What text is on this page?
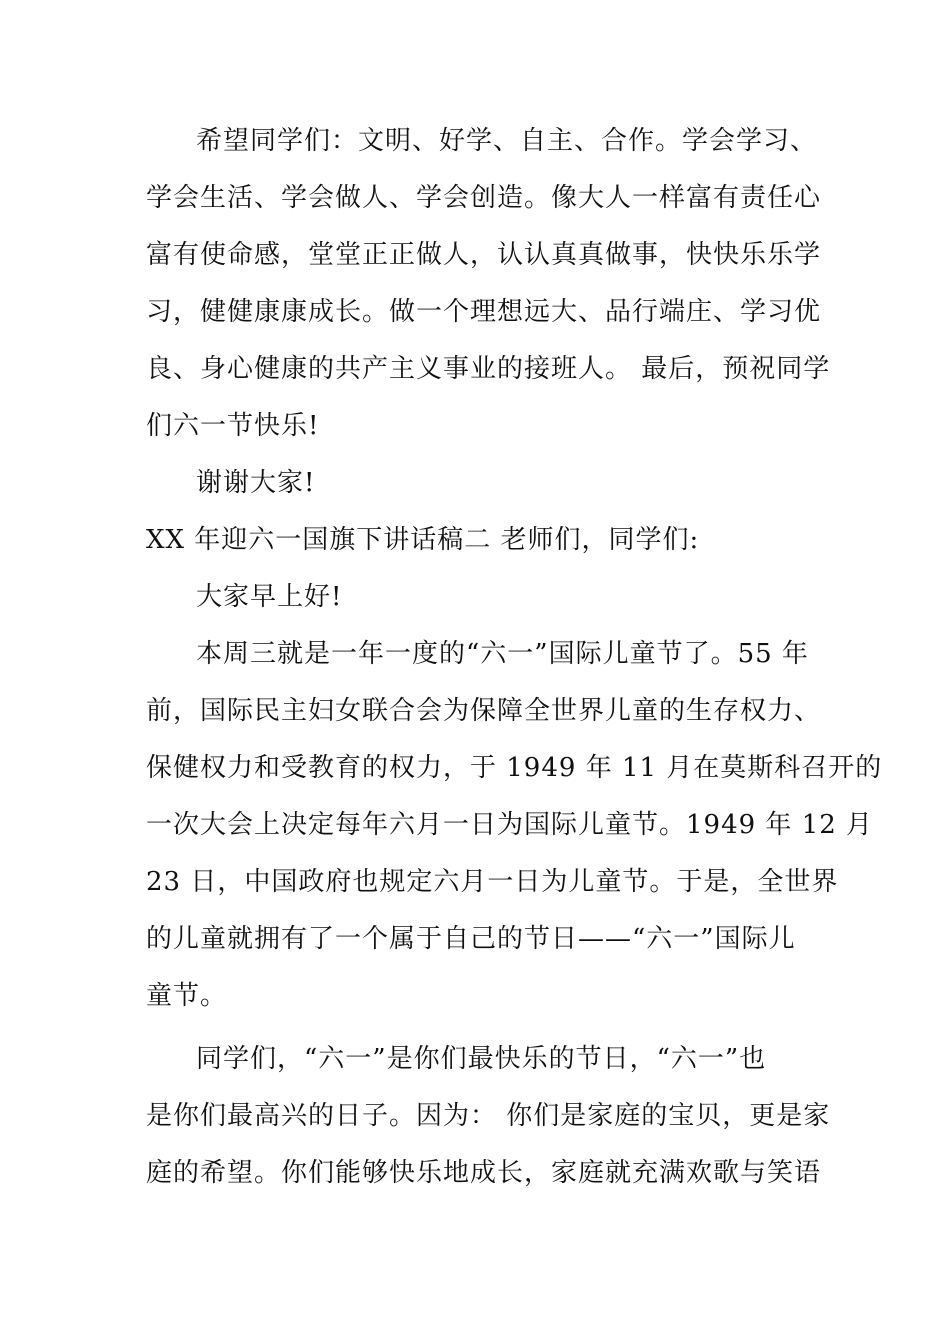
希望同学们：文明、好学、自主、合作。学会学习、
学会生活、学会做人、学会创造。像大人一样富有责任心
富有使命感，堂堂正正做人，认认真真做事，快快乐乐学
习，健健康康成长。做一个理想远大、品行端庄、学习优
良、身心健康的共产主义事业的接班人。 最后，预祝同学
们六一节快乐!
谢谢大家!
XX 年迎六一国旗下讲话稿二 老师们，同学们:
大家早上好!
本周三就是一年一度的“六一”国际儿童节了。55 年
前，国际民主妇女联合会为保障全世界儿童的生存权力、
保健权力和受教育的权力，于 1949 年 11 月在莫斯科召开的
一次大会上决定每年六月一日为国际儿童节。1949 年 12 月
23 日，中国政府也规定六月一日为儿童节。于是，全世界
的儿童就拥有了一个属于自己的节日——“六一”国际儿
童节。
同学们，“六一”是你们最快乐的节日，“六一”也
是你们最高兴的日子。因为： 你们是家庭的宝贝，更是家
庭的希望。你们能够快乐地成长，家庭就充满欢歌与笑语
